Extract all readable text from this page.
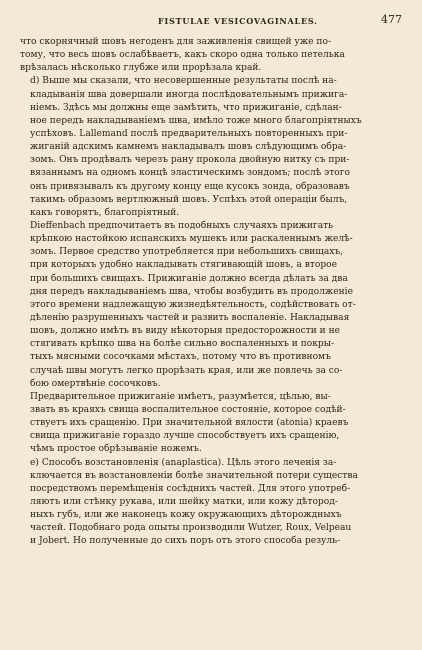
FISTULAE VESICOVAGINALES.	477

что скорнячный шовъ негоденъ для заживленія свищей уже по-
тому, что весь шовъ ослабѣваетъ, какъ скоро одна только петелька
врѣзалась нѣсколько глубже или прорѣзала край.

d) Выше мы сказали, что несовершенные результаты послѣ на-
кладыванія шва довершали иногда послѣдовательнымъ прижига-
ніемъ. Здѣсь мы должны еще замѣтить, что прижиганіе, сдѣлан-
ное передъ накладываніемъ шва, имѣло тоже много благопріятныхъ
успѣховъ. Lallemand послѣ предварительныхъ повторенныхъ при-
жиганій адскимъ камнемъ накладывалъ шовъ слѣдующимъ обра-
зомъ. Онъ продѣвалъ черезъ рану прокола двойную нитку съ при-
вязаннымъ на одномъ концѣ эластическимъ зондомъ; послѣ этого
онъ привязывалъ къ другому концу еще кусокъ зонда, образовавъ
такимъ образомъ вертлюжный шовъ. Успѣхъ этой операціи былъ,
какъ говорятъ, благопріятный.

Dieffenbach предпочитаетъ въ подобныхъ случаяхъ прижигать
крѣпкою настойкою испанскихъ мушекъ или раскаленнымъ желѣ-
зомъ. Первое средство употребляется при небольшихъ свищахъ,
при которыхъ удобно накладывать стягивающій шовъ, а второе
при большихъ свищахъ. Прижиганіе должно всегда дѣлать за два
дня передъ накладываніемъ шва, чтобы возбудить въ продолженіе
этого времени надлежащую жизнедѣятельность, содѣйствовать от-
дѣленію разрушенныхъ частей и развить воспаленіе. Накладывая
шовъ, должно имѣть въ виду нѣкоторыя предосторожности и не
стягивать крѣпко шва на болѣе сильно воспаленныхъ и покры-
тыхъ мясными сосочками мѣстахъ, потому что въ противномъ
случаѣ швы могутъ легко прорѣзать края, или же повлечь за со-
бою омертвѣніе сосочковъ.

Предварительное прижиганіе имѣетъ, разумѣется, цѣлью, вы-
звать въ краяхъ свища воспалительное состояніе, которое содѣй-
ствуетъ ихъ сращенію. При значительной вялости (atonia) краевъ
свища прижиганіе гораздо лучше способствуетъ ихъ сращенію,
чѣмъ простое обрѣзываніе ножемъ.

e) Способъ возстановленія (anaplastica). Цѣль этого леченія за-
ключается въ возстановленіи болѣе значительной потери существа
посредствомъ перемѣщенія сосѣднихъ частей. Для этого употреб-
ляютъ или стѣнку рукава, или шейку матки, или кожу дѣтород-
ныхъ губъ, или же наконецъ кожу окружающихъ дѣторождныхъ
частей. Подобнаго рода опыты производили Wutzer, Roux, Velpeau
и Jobert. Но полученные до сихъ поръ отъ этого способа резуль-
